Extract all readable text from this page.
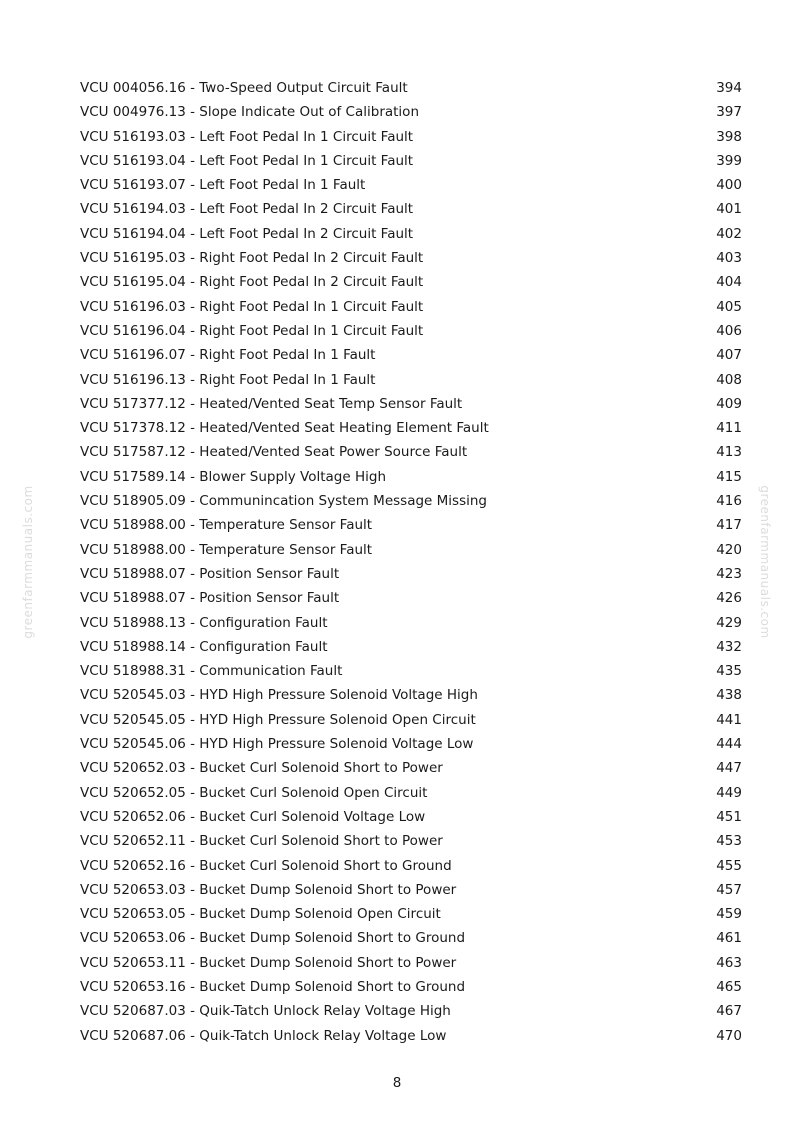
greenfarmmanuals.com	greenfarmmanuals.com
VCU 004056.16 - Two-Speed Output Circuit Fault	394
VCU 004976.13 - Slope Indicate Out of Calibration	397
VCU 516193.03 - Left Foot Pedal In 1 Circuit Fault	398
VCU 516193.04 - Left Foot Pedal In 1 Circuit Fault	399
VCU 516193.07 - Left Foot Pedal In 1 Fault	400
VCU 516194.03 - Left Foot Pedal In 2 Circuit Fault	401
VCU 516194.04 - Left Foot Pedal In 2 Circuit Fault	402
VCU 516195.03 - Right Foot Pedal In 2 Circuit Fault	403
VCU 516195.04 - Right Foot Pedal In 2 Circuit Fault	404
VCU 516196.03 - Right Foot Pedal In 1 Circuit Fault	405
VCU 516196.04 - Right Foot Pedal In 1 Circuit Fault	406
VCU 516196.07 - Right Foot Pedal In 1 Fault	407
VCU 516196.13 - Right Foot Pedal In 1 Fault	408
VCU 517377.12 - Heated/Vented Seat Temp Sensor Fault	409
VCU 517378.12 - Heated/Vented Seat Heating Element Fault	411
VCU 517587.12 - Heated/Vented Seat Power Source Fault	413
VCU 517589.14 - Blower Supply Voltage High	415
VCU 518905.09 - Communincation System Message Missing	416
VCU 518988.00 - Temperature Sensor Fault	417
VCU 518988.00 - Temperature Sensor Fault	420
VCU 518988.07 - Position Sensor Fault	423
VCU 518988.07 - Position Sensor Fault	426
VCU 518988.13 - Configuration Fault	429
VCU 518988.14 - Configuration Fault	432
VCU 518988.31 - Communication Fault	435
VCU 520545.03 - HYD High Pressure Solenoid Voltage High	438
VCU 520545.05 - HYD High Pressure Solenoid Open Circuit	441
VCU 520545.06 - HYD High Pressure Solenoid Voltage Low	444
VCU 520652.03 - Bucket Curl Solenoid Short to Power	447
VCU 520652.05 - Bucket Curl Solenoid Open Circuit	449
VCU 520652.06 - Bucket Curl Solenoid Voltage Low	451
VCU 520652.11 - Bucket Curl Solenoid Short to Power	453
VCU 520652.16 - Bucket Curl Solenoid Short to Ground	455
VCU 520653.03 - Bucket Dump Solenoid Short to Power	457
VCU 520653.05 - Bucket Dump Solenoid Open Circuit	459
VCU 520653.06 - Bucket Dump Solenoid Short to Ground	461
VCU 520653.11 - Bucket Dump Solenoid Short to Power	463
VCU 520653.16 - Bucket Dump Solenoid Short to Ground	465
VCU 520687.03 - Quik-Tatch Unlock Relay Voltage High	467
VCU 520687.06 - Quik-Tatch Unlock Relay Voltage Low	470
8
